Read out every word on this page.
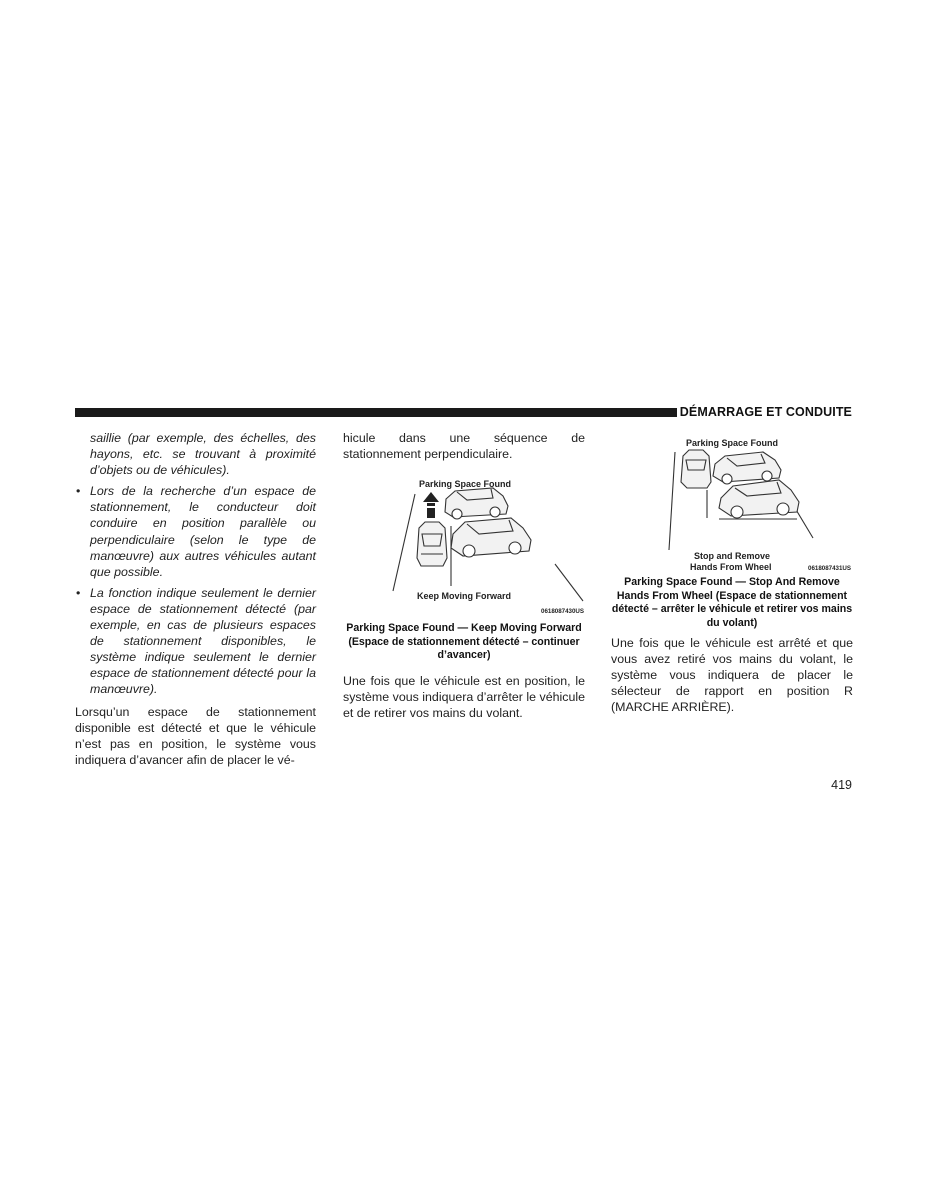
DÉMARRAGE ET CONDUITE

saillie (par exemple, des échelles, des hayons, etc. se trouvant à proximité d’objets ou de véhicules).

• Lors de la recherche d’un espace de stationnement, le conducteur doit conduire en position parallèle ou perpendiculaire (selon le type de manœuvre) aux autres véhicules autant que possible.
• La fonction indique seulement le dernier espace de stationnement détecté (par exemple, en cas de plusieurs espaces de stationnement disponibles, le système indique seulement le dernier espace de stationnement détecté pour la manœuvre).

Lorsqu’un espace de stationnement disponible est détecté et que le véhicule n’est pas en position, le système vous indiquera d’avancer afin de placer le vé-

hicule dans une séquence de stationnement perpendiculaire.

Parking Space Found
Keep Moving Forward
0618087430US

Parking Space Found — Keep Moving Forward (Espace de stationnement détecté – continuer d’avancer)

Une fois que le véhicule est en position, le système vous indiquera d’arrêter le véhicule et de retirer vos mains du volant.

Parking Space Found
Stop and Remove
Hands From Wheel	0618087431US

Parking Space Found — Stop And Remove Hands From Wheel (Espace de stationnement détecté – arrêter le véhicule et retirer vos mains du volant)

Une fois que le véhicule est arrêté et que vous avez retiré vos mains du volant, le système vous indiquera de placer le sélecteur de rapport en position R (MARCHE ARRIÈRE).

419
